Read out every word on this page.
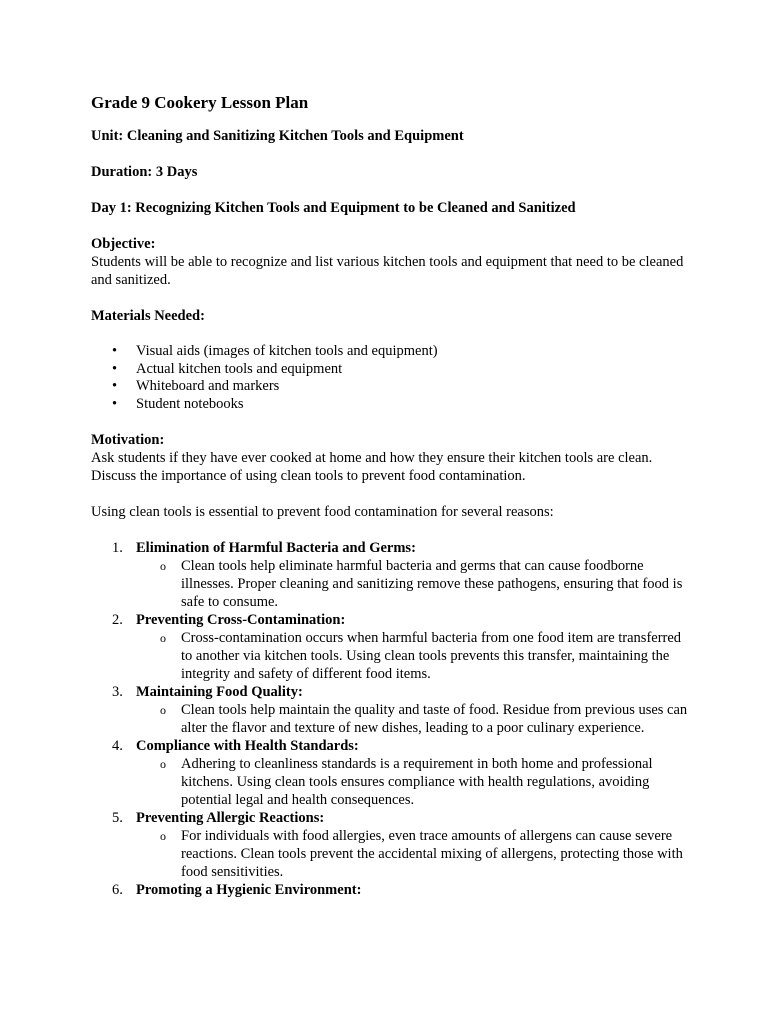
Grade 9 Cookery Lesson Plan
Unit: Cleaning and Sanitizing Kitchen Tools and Equipment
Duration: 3 Days
Day 1: Recognizing Kitchen Tools and Equipment to be Cleaned and Sanitized
Objective:

Students will be able to recognize and list various kitchen tools and equipment that need to be cleaned and sanitized.

Materials Needed:
• Visual aids (images of kitchen tools and equipment)
• Actual kitchen tools and equipment
• Whiteboard and markers
• Student notebooks
Motivation:

Ask students if they have ever cooked at home and how they ensure their kitchen tools are clean. Discuss the importance of using clean tools to prevent food contamination.

Using clean tools is essential to prevent food contamination for several reasons:

1. Elimination of Harmful Bacteria and Germs:
o Clean tools help eliminate harmful bacteria and germs that can cause foodborne illnesses. Proper cleaning and sanitizing remove these pathogens, ensuring that food is safe to consume.
2. Preventing Cross-Contamination:
o Cross-contamination occurs when harmful bacteria from one food item are transferred to another via kitchen tools. Using clean tools prevents this transfer, maintaining the integrity and safety of different food items.
3. Maintaining Food Quality:
o Clean tools help maintain the quality and taste of food. Residue from previous uses can alter the flavor and texture of new dishes, leading to a poor culinary experience.
4. Compliance with Health Standards:
o Adhering to cleanliness standards is a requirement in both home and professional kitchens. Using clean tools ensures compliance with health regulations, avoiding potential legal and health consequences.
5. Preventing Allergic Reactions:
o For individuals with food allergies, even trace amounts of allergens can cause severe reactions. Clean tools prevent the accidental mixing of allergens, protecting those with food sensitivities.
6. Promoting a Hygienic Environment:
